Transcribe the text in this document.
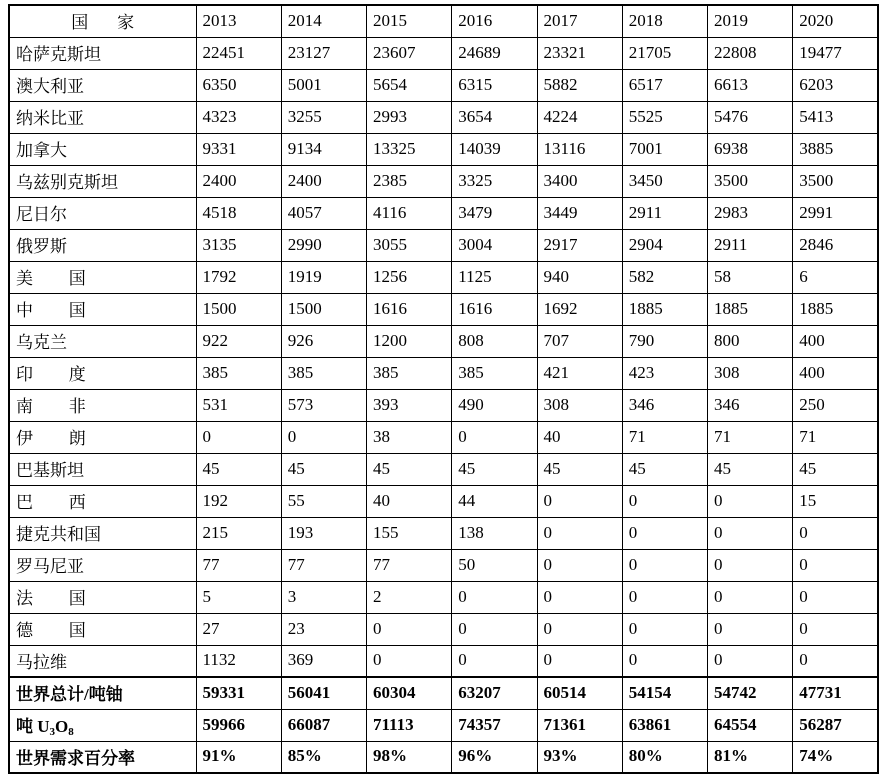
国　家	2013	2014	2015	2016	2017	2018	2019	2020
哈萨克斯坦	22451	23127	23607	24689	23321	21705	22808	19477
澳大利亚	6350	5001	5654	6315	5882	6517	6613	6203
纳米比亚	4323	3255	2993	3654	4224	5525	5476	5413
加拿大	9331	9134	13325	14039	13116	7001	6938	3885
乌兹别克斯坦	2400	2400	2385	3325	3400	3450	3500	3500
尼日尔	4518	4057	4116	3479	3449	2911	2983	2991
俄罗斯	3135	2990	3055	3004	2917	2904	2911	2846
美　国	1792	1919	1256	1125	940	582	58	6
中　国	1500	1500	1616	1616	1692	1885	1885	1885
乌克兰	922	926	1200	808	707	790	800	400
印　度	385	385	385	385	421	423	308	400
南　非	531	573	393	490	308	346	346	250
伊　朗	0	0	38	0	40	71	71	71
巴基斯坦	45	45	45	45	45	45	45	45
巴　西	192	55	40	44	0	0	0	15
捷克共和国	215	193	155	138	0	0	0	0
罗马尼亚	77	77	77	50	0	0	0	0
法　国	5	3	2	0	0	0	0	0
德　国	27	23	0	0	0	0	0	0
马拉维	1132	369	0	0	0	0	0	0
世界总计/吨铀	59331	56041	60304	63207	60514	54154	54742	47731
吨 $U_3O_8$	59966	66087	71113	74357	71361	63861	64554	56287
世界需求百分率	91%	85%	98%	96%	93%	80%	81%	74%
